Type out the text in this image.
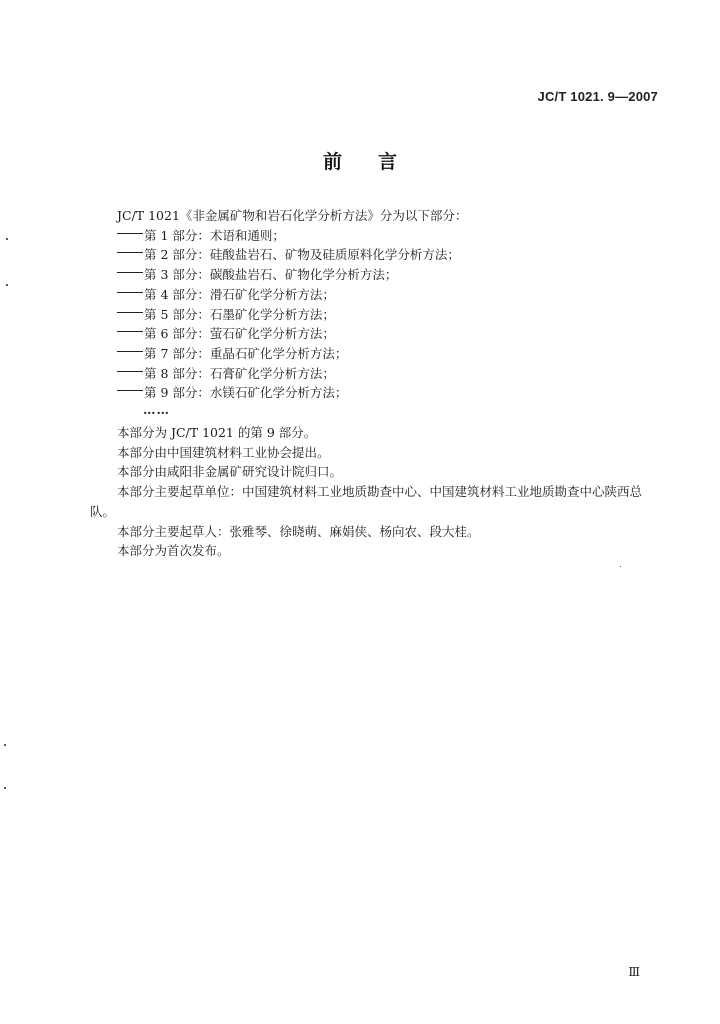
JC/T 1021. 9—2007
前 言
JC/T 1021《非金属矿物和岩石化学分析方法》分为以下部分：
第 1 部分：术语和通则；
第 2 部分：硅酸盐岩石、矿物及硅质原料化学分析方法；
第 3 部分：碳酸盐岩石、矿物化学分析方法；
第 4 部分：滑石矿化学分析方法；
第 5 部分：石墨矿化学分析方法；
第 6 部分：萤石矿化学分析方法；
第 7 部分：重晶石矿化学分析方法；
第 8 部分：石膏矿化学分析方法；
第 9 部分：水镁石矿化学分析方法；
……
本部分为 JC/T 1021 的第 9 部分。
本部分由中国建筑材料工业协会提出。
本部分由咸阳非金属矿研究设计院归口。
本部分主要起草单位：中国建筑材料工业地质勘查中心、中国建筑材料工业地质勘查中心陕西总
队。
本部分主要起草人：张雅琴、徐晓萌、麻娟侠、杨向农、段大桂。
本部分为首次发布。
Ⅲ
